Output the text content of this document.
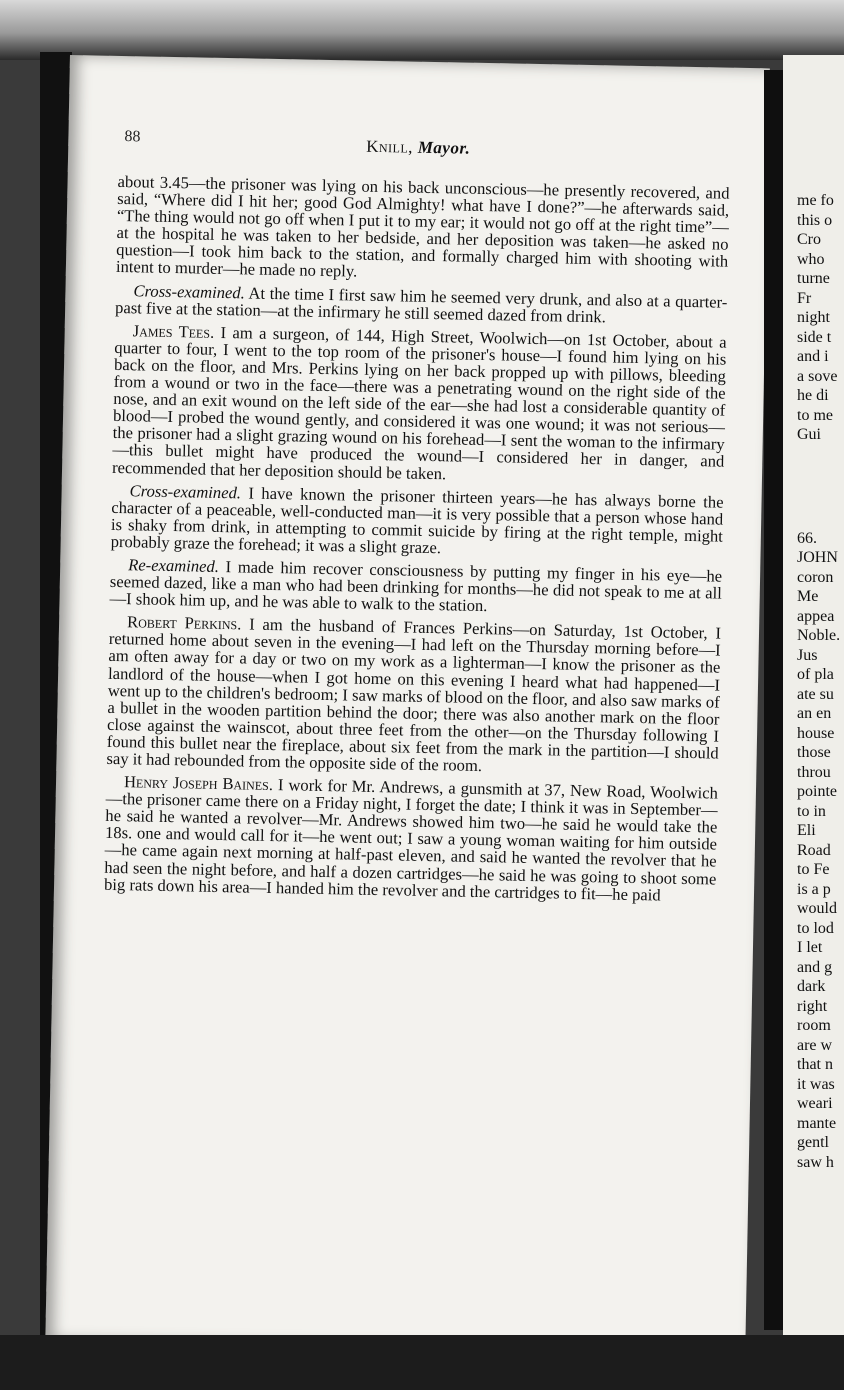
88	Knill, Mayor.

about 3.45—the prisoner was lying on his back unconscious—he presently recovered, and said, “Where did I hit her; good God Almighty! what have I done?”—he afterwards said, “The thing would not go off when I put it to my ear; it would not go off at the right time”—at the hospital he was taken to her bedside, and her deposition was taken—he asked no question—I took him back to the station, and formally charged him with shooting with intent to murder—he made no reply.

Cross-examined. At the time I first saw him he seemed very drunk, and also at a quarter-past five at the station—at the infirmary he still seemed dazed from drink.

James Tees. I am a surgeon, of 144, High Street, Woolwich—on 1st October, about a quarter to four, I went to the top room of the prisoner's house—I found him lying on his back on the floor, and Mrs. Perkins lying on her back propped up with pillows, bleeding from a wound or two in the face—there was a penetrating wound on the right side of the nose, and an exit wound on the left side of the ear—she had lost a considerable quantity of blood—I probed the wound gently, and considered it was one wound; it was not serious—the prisoner had a slight grazing wound on his forehead—I sent the woman to the infirmary—this bullet might have produced the wound—I considered her in danger, and recommended that her deposition should be taken.

Cross-examined. I have known the prisoner thirteen years—he has always borne the character of a peaceable, well-conducted man—it is very possible that a person whose hand is shaky from drink, in attempting to commit suicide by firing at the right temple, might probably graze the forehead; it was a slight graze.

Re-examined. I made him recover consciousness by putting my finger in his eye—he seemed dazed, like a man who had been drinking for months—he did not speak to me at all—I shook him up, and he was able to walk to the station.

Robert Perkins. I am the husband of Frances Perkins—on Saturday, 1st October, I returned home about seven in the evening—I had left on the Thursday morning before—I am often away for a day or two on my work as a lighterman—I know the prisoner as the landlord of the house—when I got home on this evening I heard what had happened—I went up to the children's bedroom; I saw marks of blood on the floor, and also saw marks of a bullet in the wooden partition behind the door; there was also another mark on the floor close against the wainscot, about three feet from the other—on the Thursday following I found this bullet near the fireplace, about six feet from the mark in the partition—I should say it had rebounded from the opposite side of the room.

Henry Joseph Baines. I work for Mr. Andrews, a gunsmith at 37, New Road, Woolwich—the prisoner came there on a Friday night, I forget the date; I think it was in September—he said he wanted a revolver—Mr. Andrews showed him two—he said he would take the 18s. one and would call for it—he went out; I saw a young woman waiting for him outside—he came again next morning at half-past eleven, and said he wanted the revolver that he had seen the night before, and half a dozen cartridges—he said he was going to shoot some big rats down his area—I handed him the revolver and the cartridges to fit—he paid

me fo
this o
Cro
who
turne
Fr
night
side t
and i
a sove
he di
to me
Gui
66.
JOHN
coron
Me
appea
Noble.
Jus
of pla
ate su
an en
house
those
throu
pointe
to in
Eli
Road
to Fe
is a p
would
to lod
I let
and g
dark
right
room
are w
that n
it was
weari
mante
gentl
saw h
